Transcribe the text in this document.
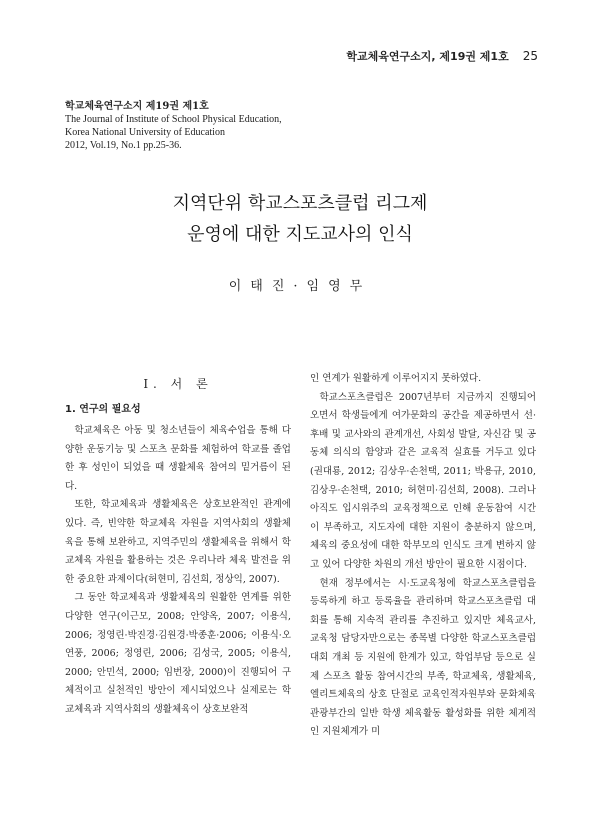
학교체육연구소지, 제19권 제1호 25
학교체육연구소지 제19권 제1호
The Journal of Institute of School Physical Education,
Korea National University of Education
2012, Vol.19, No.1 pp.25-36.
지역단위 학교스포츠클럽 리그제
운영에 대한 지도교사의 인식
이태진·임영무
I. 서 론
1. 연구의 필요성

학교체육은 아동 및 청소년들이 체육수업을 통해 다양한 운동기능 및 스포츠 문화를 체험하여 학교를 졸업한 후 성인이 되었을 때 생활체육 참여의 밑거름이 된다.

또한, 학교체육과 생활체육은 상호보완적인 관계에 있다. 즉, 빈약한 학교체육 자원을 지역사회의 생활체육을 통해 보완하고, 지역주민의 생활체육을 위해서 학교체육 자원을 활용하는 것은 우리나라 체육 발전을 위한 중요한 과제이다(허현미, 김선희, 정상익, 2007).

그 동안 학교체육과 생활체육의 원활한 연계를 위한 다양한 연구(이근모, 2008; 안양옥, 2007; 이용식, 2006; 정영린·박진경·김원경·박종훈·2006; 이용식·오연풍, 2006; 정영린, 2006; 김성국, 2005; 이용식, 2000; 안민석, 2000; 임번장, 2000)이 진행되어 구체적이고 실천적인 방안이 제시되었으나 실제로는 학교체육과 지역사회의 생활체육이 상호보완적

인 연계가 원활하게 이루어지지 못하였다.

학교스포츠클럽은 2007년부터 지금까지 진행되어 오면서 학생들에게 여가문화의 공간을 제공하면서 선·후배 및 교사와의 관계개선, 사회성 발달, 자신감 및 공동체 의식의 함양과 같은 교육적 실효를 거두고 있다(권대룡, 2012; 김상우·손천택, 2011; 박용규, 2010, 김상우·손천택, 2010; 허현미·김선희, 2008). 그러나 아직도 입시위주의 교육정책으로 인해 운동참여 시간이 부족하고, 지도자에 대한 지원이 충분하지 않으며, 체육의 중요성에 대한 학부모의 인식도 크게 변하지 않고 있어 다양한 차원의 개선 방안이 필요한 시점이다.

현재 정부에서는 시·도교육청에 학교스포츠클럽을 등록하게 하고 등록율을 관리하며 학교스포츠클럽 대회를 통해 지속적 관리를 추진하고 있지만 체육교사, 교육청 담당자만으로는 종목별 다양한 학교스포츠클럽 대회 개최 등 지원에 한계가 있고, 학업부담 등으로 실제 스포츠 활동 참여시간의 부족, 학교체육, 생활체육, 엘리트체육의 상호 단절로 교육인적자원부와 문화체육관광부간의 일반 학생 체육활동 활성화를 위한 체계적인 지원체계가 미
